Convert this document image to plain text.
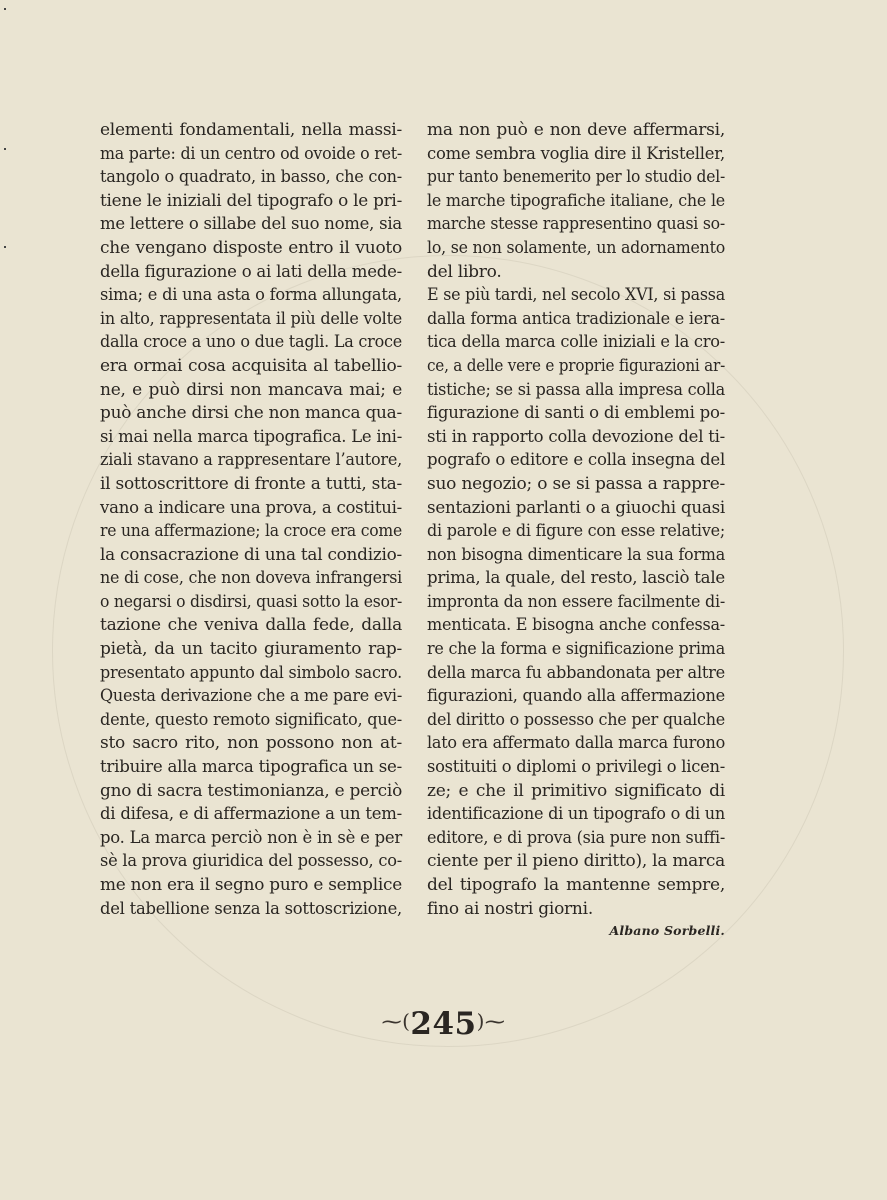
elementi fondamentali, nella massi-
ma parte: di un centro od ovoide o ret-
tangolo o quadrato, in basso, che con-
tiene le iniziali del tipografo o le pri-
me lettere o sillabe del suo nome, sia
che vengano disposte entro il vuoto
della figurazione o ai lati della mede-
sima; e di una asta o forma allungata,
in alto, rappresentata il più delle volte
dalla croce a uno o due tagli. La croce
era ormai cosa acquisita al tabellio-
ne, e può dirsi non mancava mai; e
può anche dirsi che non manca qua-
si mai nella marca tipografica. Le ini-
ziali stavano a rappresentare l’autore,
il sottoscrittore di fronte a tutti, sta-
vano a indicare una prova, a costitui-
re una affermazione; la croce era come
la consacrazione di una tal condizio-
ne di cose, che non doveva infrangersi
o negarsi o disdirsi, quasi sotto la esor-
tazione che veniva dalla fede, dalla
pietà, da un tacito giuramento rap-
presentato appunto dal simbolo sacro.
Questa derivazione che a me pare evi-
dente, questo remoto significato, que-
sto sacro rito, non possono non at-
tribuire alla marca tipografica un se-
gno di sacra testimonianza, e perciò
di difesa, e di affermazione a un tem-
po. La marca perciò non è in sè e per
sè la prova giuridica del possesso, co-
me non era il segno puro e semplice
del tabellione senza la sottoscrizione,
ma non può e non deve affermarsi,
come sembra voglia dire il Kristeller,
pur tanto benemerito per lo studio del-
le marche tipografiche italiane, che le
marche stesse rappresentino quasi so-
lo, se non solamente, un adornamento
del libro.
E se più tardi, nel secolo XVI, si passa
dalla forma antica tradizionale e iera-
tica della marca colle iniziali e la cro-
ce, a delle vere e proprie figurazioni ar-
tistiche; se si passa alla impresa colla
figurazione di santi o di emblemi po-
sti in rapporto colla devozione del ti-
pografo o editore e colla insegna del
suo negozio; o se si passa a rappre-
sentazioni parlanti o a giuochi quasi
di parole e di figure con esse relative;
non bisogna dimenticare la sua forma
prima, la quale, del resto, lasciò tale
impronta da non essere facilmente di-
menticata. E bisogna anche confessa-
re che la forma e significazione prima
della marca fu abbandonata per altre
figurazioni, quando alla affermazione
del diritto o possesso che per qualche
lato era affermato dalla marca furono
sostituiti o diplomi o privilegi o licen-
ze; e che il primitivo significato di
identificazione di un tipografo o di un
editore, e di prova (sia pure non suffi-
ciente per il pieno diritto), la marca
del tipografo la mantenne sempre,
fino ai nostri giorni.
Albano Sorbelli.
⁓(245)⁓
